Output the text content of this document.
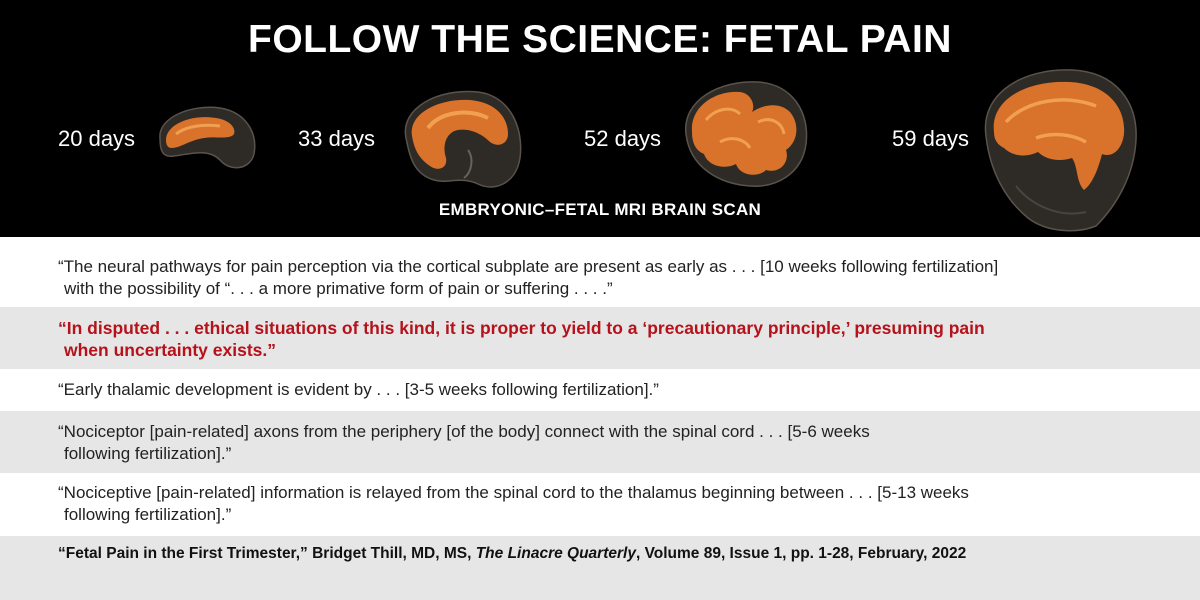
FOLLOW THE SCIENCE: FETAL PAIN
20 days	33 days	52 days	59 days
EMBRYONIC–FETAL MRI BRAIN SCAN
“The neural pathways for pain perception via the cortical subplate are present as early as . . . [10 weeks following fertilization]
with the possibility of “. . . a more primative form of pain or suffering . . . .”
“In disputed . . . ethical situations of this kind, it is proper to yield to a ‘precautionary principle,’ presuming pain
when uncertainty exists.”
“Early thalamic development is evident by . . . [3-5 weeks following fertilization].”
“Nociceptor [pain-related] axons from the periphery [of the body] connect with the spinal cord . . . [5-6 weeks
following fertilization].”
“Nociceptive [pain-related] information is relayed from the spinal cord to the thalamus beginning between . . . [5-13 weeks
following fertilization].”
“Fetal Pain in the First Trimester,” Bridget Thill, MD, MS, The Linacre Quarterly, Volume 89, Issue 1, pp. 1-28, February, 2022
